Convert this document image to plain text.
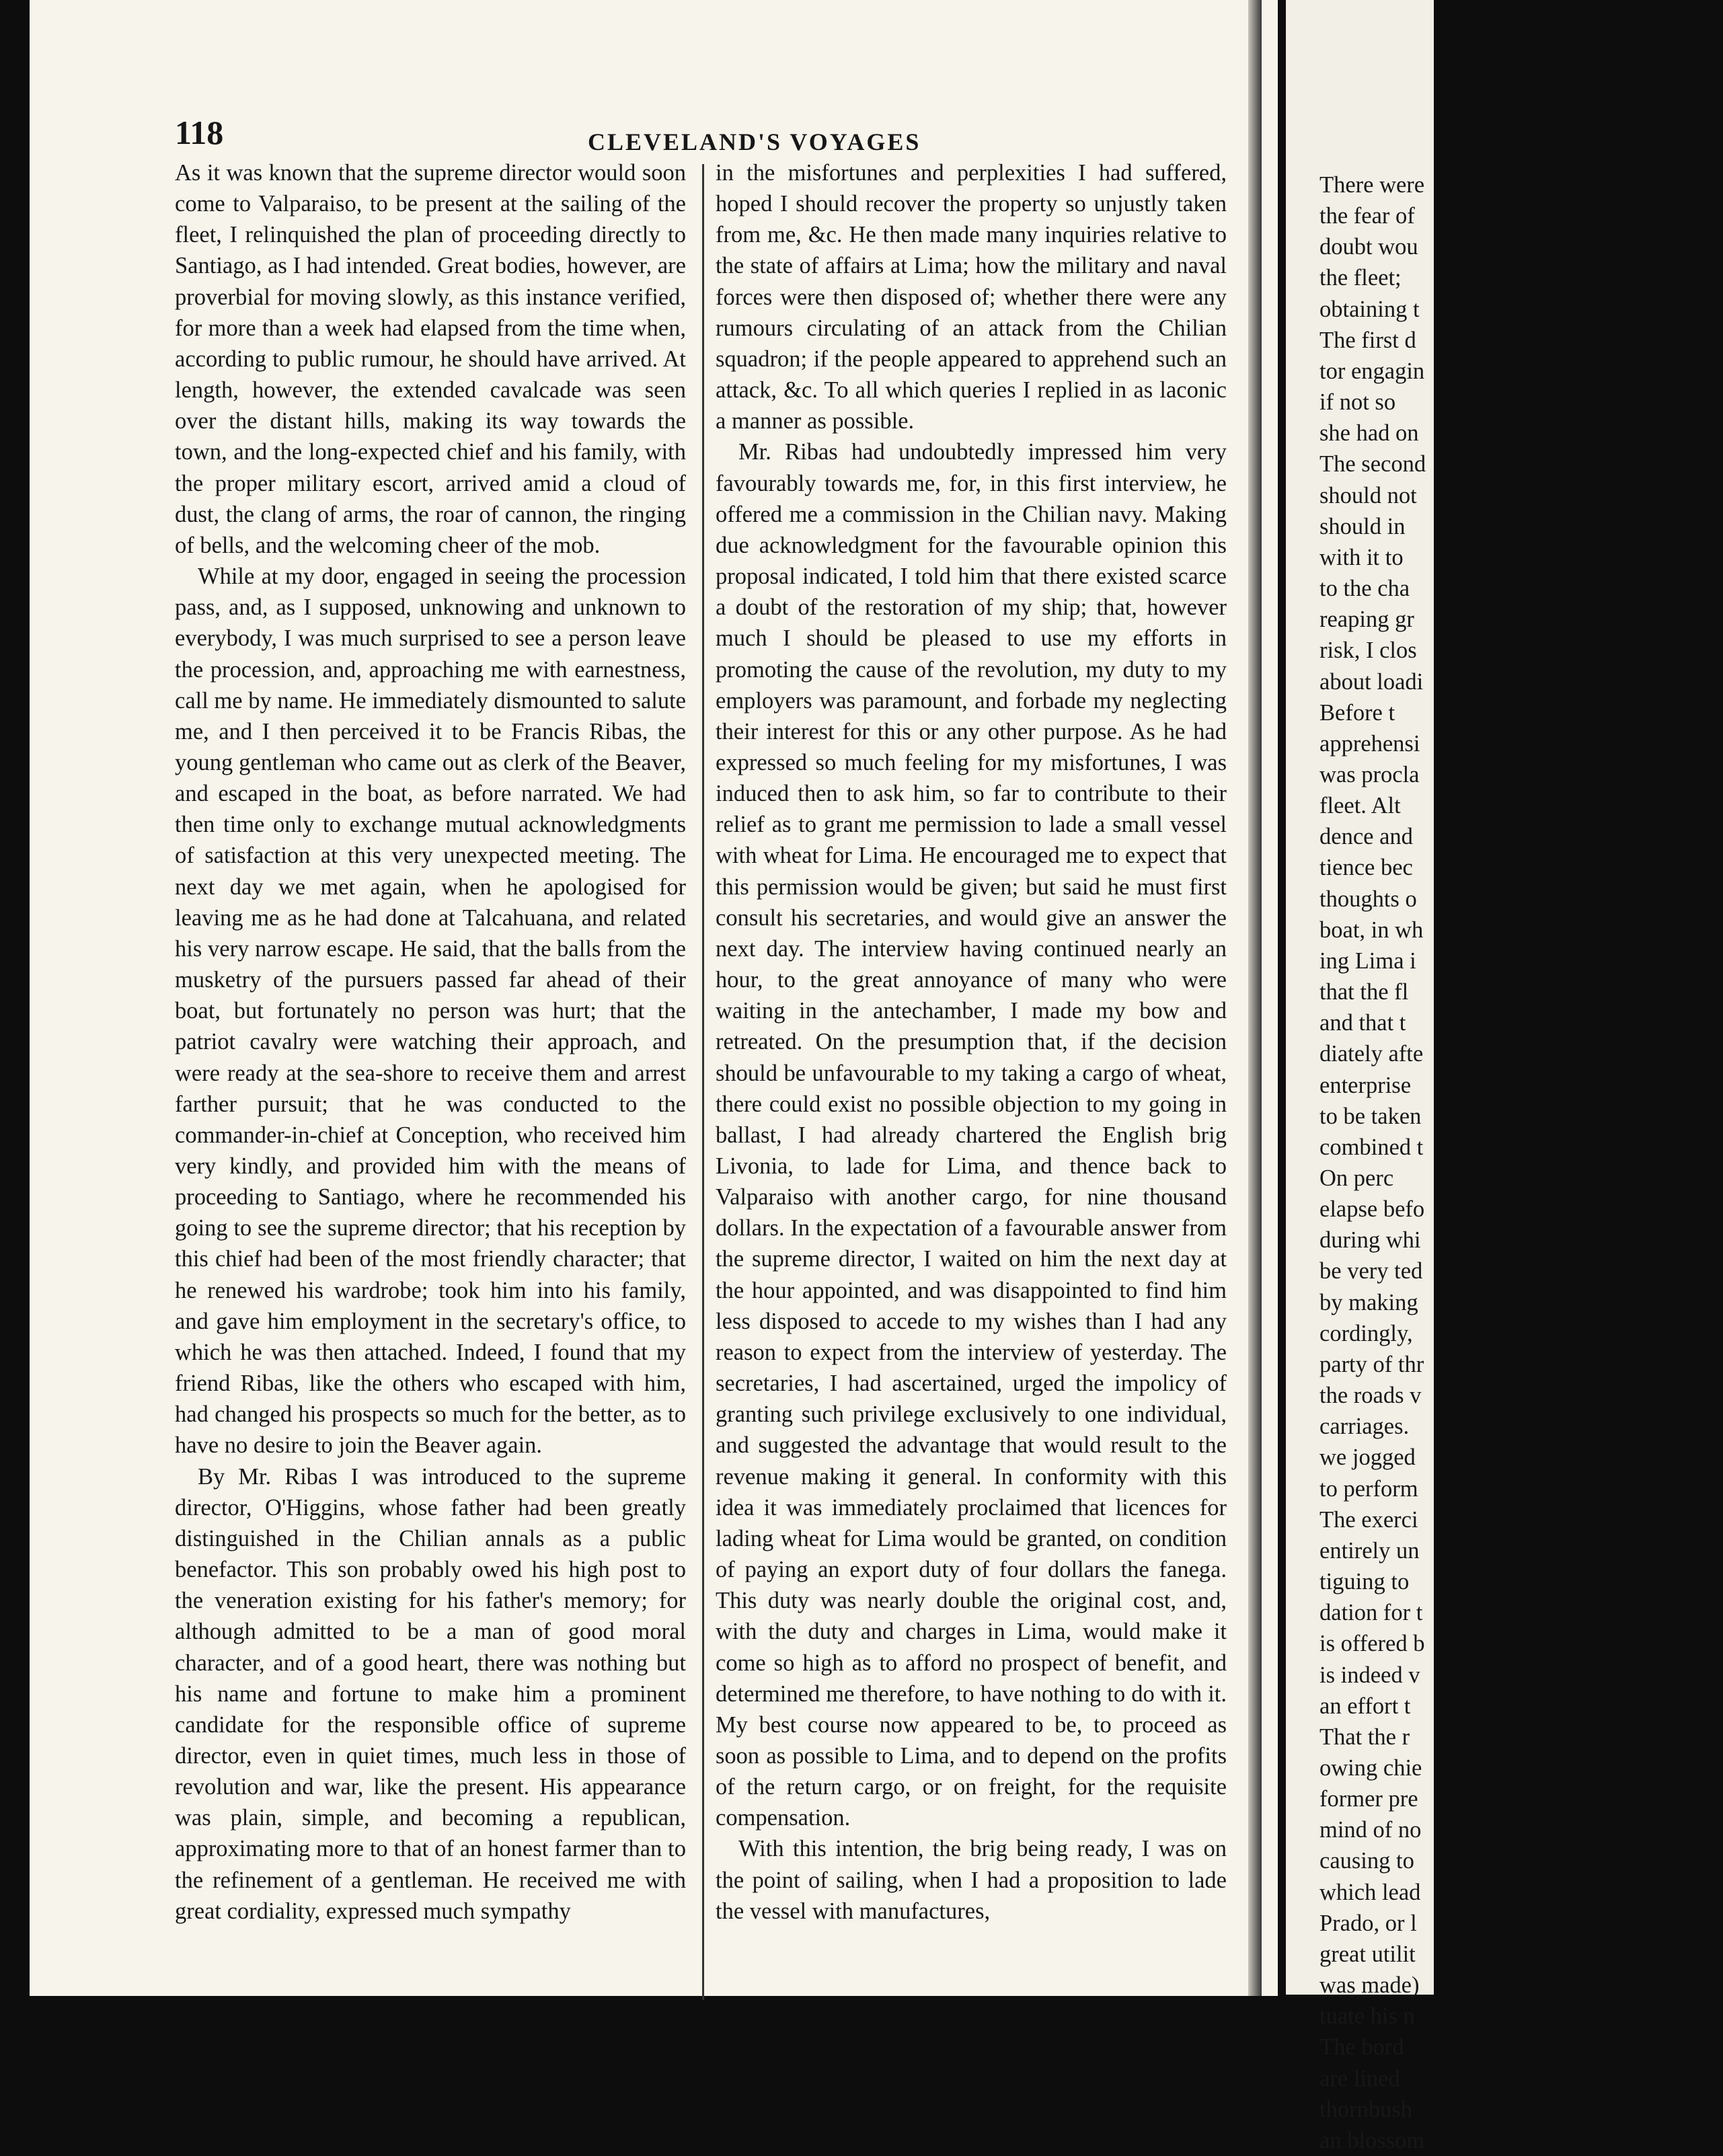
118	CLEVELAND'S VOYAGES

As it was known that the supreme director would soon come to Valparaiso, to be present at the sailing of the fleet, I relinquished the plan of proceeding directly to Santiago, as I had intended. Great bodies, however, are proverbial for moving slowly, as this instance verified, for more than a week had elapsed from the time when, according to public rumour, he should have arrived. At length, however, the extended cavalcade was seen over the distant hills, making its way towards the town, and the long-expected chief and his family, with the proper military escort, arrived amid a cloud of dust, the clang of arms, the roar of cannon, the ringing of bells, and the welcoming cheer of the mob.

While at my door, engaged in seeing the procession pass, and, as I supposed, unknowing and unknown to everybody, I was much surprised to see a person leave the procession, and, approaching me with earnestness, call me by name. He immediately dismounted to salute me, and I then perceived it to be Francis Ribas, the young gentleman who came out as clerk of the Beaver, and escaped in the boat, as before narrated. We had then time only to exchange mutual acknowledgments of satisfaction at this very unexpected meeting. The next day we met again, when he apologised for leaving me as he had done at Talcahuana, and related his very narrow escape. He said, that the balls from the musketry of the pursuers passed far ahead of their boat, but fortunately no person was hurt; that the patriot cavalry were watching their approach, and were ready at the sea-shore to receive them and arrest farther pursuit; that he was conducted to the commander-in-chief at Conception, who received him very kindly, and provided him with the means of proceeding to Santiago, where he recommended his going to see the supreme director; that his reception by this chief had been of the most friendly character; that he renewed his wardrobe; took him into his family, and gave him employment in the secretary's office, to which he was then attached. Indeed, I found that my friend Ribas, like the others who escaped with him, had changed his prospects so much for the better, as to have no desire to join the Beaver again.

By Mr. Ribas I was introduced to the supreme director, O'Higgins, whose father had been greatly distinguished in the Chilian annals as a public benefactor. This son probably owed his high post to the veneration existing for his father's memory; for although admitted to be a man of good moral character, and of a good heart, there was nothing but his name and fortune to make him a prominent candidate for the responsible office of supreme director, even in quiet times, much less in those of revolution and war, like the present. His appearance was plain, simple, and becoming a republican, approximating more to that of an honest farmer than to the refinement of a gentleman. He received me with great cordiality, expressed much sympathy

in the misfortunes and perplexities I had suffered, hoped I should recover the property so unjustly taken from me, &c. He then made many inquiries relative to the state of affairs at Lima; how the military and naval forces were then disposed of; whether there were any rumours circulating of an attack from the Chilian squadron; if the people appeared to apprehend such an attack, &c. To all which queries I replied in as laconic a manner as possible.

Mr. Ribas had undoubtedly impressed him very favourably towards me, for, in this first interview, he offered me a commission in the Chilian navy. Making due acknowledgment for the favourable opinion this proposal indicated, I told him that there existed scarce a doubt of the restoration of my ship; that, however much I should be pleased to use my efforts in promoting the cause of the revolution, my duty to my employers was paramount, and forbade my neglecting their interest for this or any other purpose. As he had expressed so much feeling for my misfortunes, I was induced then to ask him, so far to contribute to their relief as to grant me permission to lade a small vessel with wheat for Lima. He encouraged me to expect that this permission would be given; but said he must first consult his secretaries, and would give an answer the next day. The interview having continued nearly an hour, to the great annoyance of many who were waiting in the antechamber, I made my bow and retreated. On the presumption that, if the decision should be unfavourable to my taking a cargo of wheat, there could exist no possible objection to my going in ballast, I had already chartered the English brig Livonia, to lade for Lima, and thence back to Valparaiso with another cargo, for nine thousand dollars. In the expectation of a favourable answer from the supreme director, I waited on him the next day at the hour appointed, and was disappointed to find him less disposed to accede to my wishes than I had any reason to expect from the interview of yesterday. The secretaries, I had ascertained, urged the impolicy of granting such privilege exclusively to one individual, and suggested the advantage that would result to the revenue making it general. In conformity with this idea it was immediately proclaimed that licences for lading wheat for Lima would be granted, on condition of paying an export duty of four dollars the fanega. This duty was nearly double the original cost, and, with the duty and charges in Lima, would make it come so high as to afford no prospect of benefit, and determined me therefore, to have nothing to do with it. My best course now appeared to be, to proceed as soon as possible to Lima, and to depend on the profits of the return cargo, or on freight, for the requisite compensation.

With this intention, the brig being ready, I was on the point of sailing, when I had a proposition to lade the vessel with manufactures,

There were

the fear of

doubt wou

the fleet;

obtaining t

The first d

tor engagin

if not so

she had on

The second

should not

should in

with it to

to the cha

reaping gr

risk, I clos

about loadi

Before t

apprehensi

was procla

fleet. Alt

dence and

tience bec

thoughts o

boat, in wh

ing Lima i

that the fl

and that t

diately afte

enterprise

to be taken

combined t

On perc

elapse befo

during whi

be very ted

by making

cordingly,

party of thr

the roads v

carriages.

we jogged

to perform

The exerci

entirely un

tiguing to

dation for t

is offered b

is indeed v

an effort t

That the r

owing chie

former pre

mind of no

causing to

which lead

Prado, or l

great utilit

was made)

tuate his n

The bord

are lined

thornbush

an blossom
